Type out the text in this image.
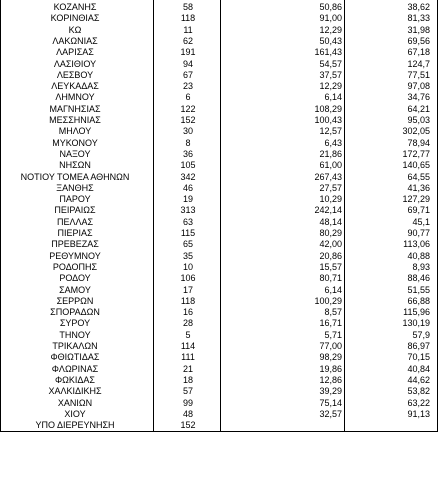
ΚΟΖΑΝΗΣ	58	50,86	38,62
ΚΟΡΙΝΘΙΑΣ	118	91,00	81,33
ΚΩ	11	12,29	31,98
ΛΑΚΩΝΙΑΣ	62	50,43	69,56
ΛΑΡΙΣΑΣ	191	161,43	67,18
ΛΑΣΙΘΙΟΥ	94	54,57	124,7
ΛΕΣΒΟΥ	67	37,57	77,51
ΛΕΥΚΑΔΑΣ	23	12,29	97,08
ΛΗΜΝΟΥ	6	6,14	34,76
ΜΑΓΝΗΣΙΑΣ	122	108,29	64,21
ΜΕΣΣΗΝΙΑΣ	152	100,43	95,03
ΜΗΛΟΥ	30	12,57	302,05
ΜΥΚΟΝΟΥ	8	6,43	78,94
ΝΑΞΟΥ	36	21,86	172,77
ΝΗΣΩΝ	105	61,00	140,65
ΝΟΤΙΟΥ ΤΟΜΕΑ ΑΘΗΝΩΝ	342	267,43	64,55
ΞΑΝΘΗΣ	46	27,57	41,36
ΠΑΡΟΥ	19	10,29	127,29
ΠΕΙΡΑΙΩΣ	313	242,14	69,71
ΠΕΛΛΑΣ	63	48,14	45,1
ΠΙΕΡΙΑΣ	115	80,29	90,77
ΠΡΕΒΕΖΑΣ	65	42,00	113,06
ΡΕΘΥΜΝΟΥ	35	20,86	40,88
ΡΟΔΟΠΗΣ	10	15,57	8,93
ΡΟΔΟΥ	106	80,71	88,46
ΣΑΜΟΥ	17	6,14	51,55
ΣΕΡΡΩΝ	118	100,29	66,88
ΣΠΟΡΑΔΩΝ	16	8,57	115,96
ΣΥΡΟΥ	28	16,71	130,19
ΤΗΝΟΥ	5	5,71	57,9
ΤΡΙΚΑΛΩΝ	114	77,00	86,97
ΦΘΙΩΤΙΔΑΣ	111	98,29	70,15
ΦΛΩΡΙΝΑΣ	21	19,86	40,84
ΦΩΚΙΔΑΣ	18	12,86	44,62
ΧΑΛΚΙΔΙΚΗΣ	57	39,29	53,82
ΧΑΝΙΩΝ	99	75,14	63,22
ΧΙΟΥ	48	32,57	91,13
ΥΠΟ ΔΙΕΡΕΥΝΗΣΗ	152
